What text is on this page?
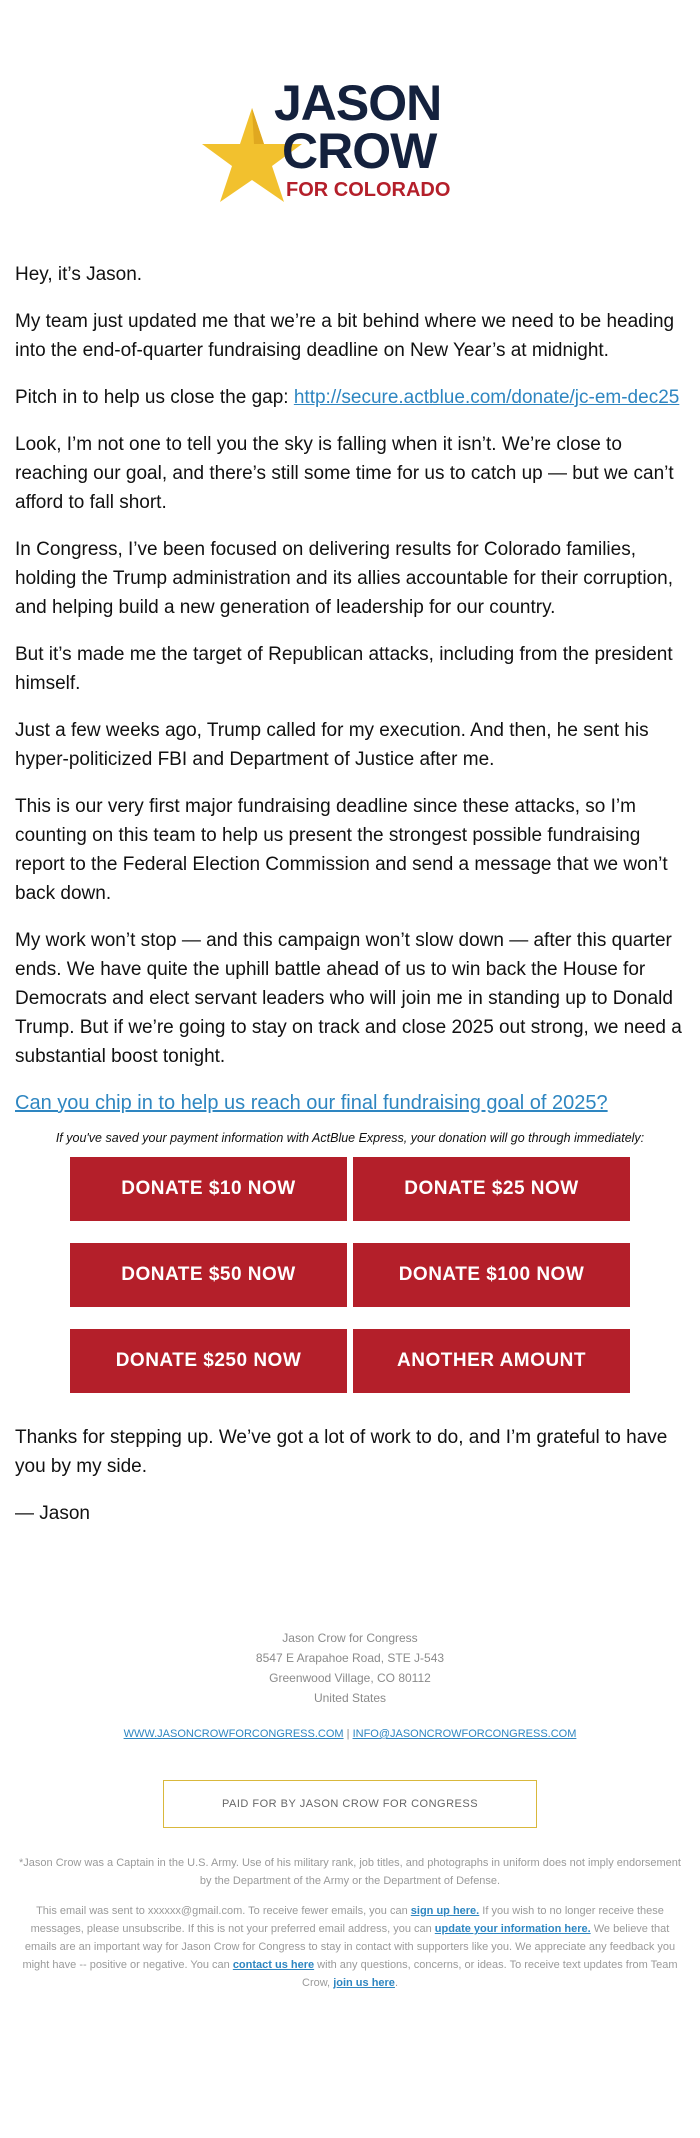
JASON
CROW
FOR COLORADO

Hey, it’s Jason.

My team just updated me that we’re a bit behind where we need to be heading into the end-of-quarter fundraising deadline on New Year’s at midnight.

Pitch in to help us close the gap: http://secure.actblue.com/donate/jc-em-dec25

Look, I’m not one to tell you the sky is falling when it isn’t. We’re close to reaching our goal, and there’s still some time for us to catch up — but we can’t afford to fall short.

In Congress, I’ve been focused on delivering results for Colorado families, holding the Trump administration and its allies accountable for their corruption, and helping build a new generation of leadership for our country.

But it’s made me the target of Republican attacks, including from the president himself.

Just a few weeks ago, Trump called for my execution. And then, he sent his hyper-politicized FBI and Department of Justice after me.

This is our very first major fundraising deadline since these attacks, so I’m counting on this team to help us present the strongest possible fundraising report to the Federal Election Commission and send a message that we won’t back down.

My work won’t stop — and this campaign won’t slow down — after this quarter ends. We have quite the uphill battle ahead of us to win back the House for Democrats and elect servant leaders who will join me in standing up to Donald Trump. But if we’re going to stay on track and close 2025 out strong, we need a substantial boost tonight.

Can you chip in to help us reach our final fundraising goal of 2025?
If you've saved your payment information with ActBlue Express, your donation will go through immediately:
DONATE $10 NOW	DONATE $25 NOW
DONATE $50 NOW	DONATE $100 NOW
DONATE $250 NOW	ANOTHER AMOUNT

Thanks for stepping up. We’ve got a lot of work to do, and I’m grateful to have you by my side.

— Jason

Jason Crow for Congress
8547 E Arapahoe Road, STE J-543
Greenwood Village, CO 80112
United States
WWW.JASONCROWFORCONGRESS.COM | INFO@JASONCROWFORCONGRESS.COM
PAID FOR BY JASON CROW FOR CONGRESS
*Jason Crow was a Captain in the U.S. Army. Use of his military rank, job titles, and photographs in uniform does not imply endorsement by the Department of the Army or the Department of Defense.
This email was sent to xxxxxx@gmail.com. To receive fewer emails, you can sign up here. If you wish to no longer receive these messages, please unsubscribe. If this is not your preferred email address, you can update your information here. We believe that emails are an important way for Jason Crow for Congress to stay in contact with supporters like you. We appreciate any feedback you might have -- positive or negative. You can contact us here with any questions, concerns, or ideas. To receive text updates from Team Crow, join us here.
